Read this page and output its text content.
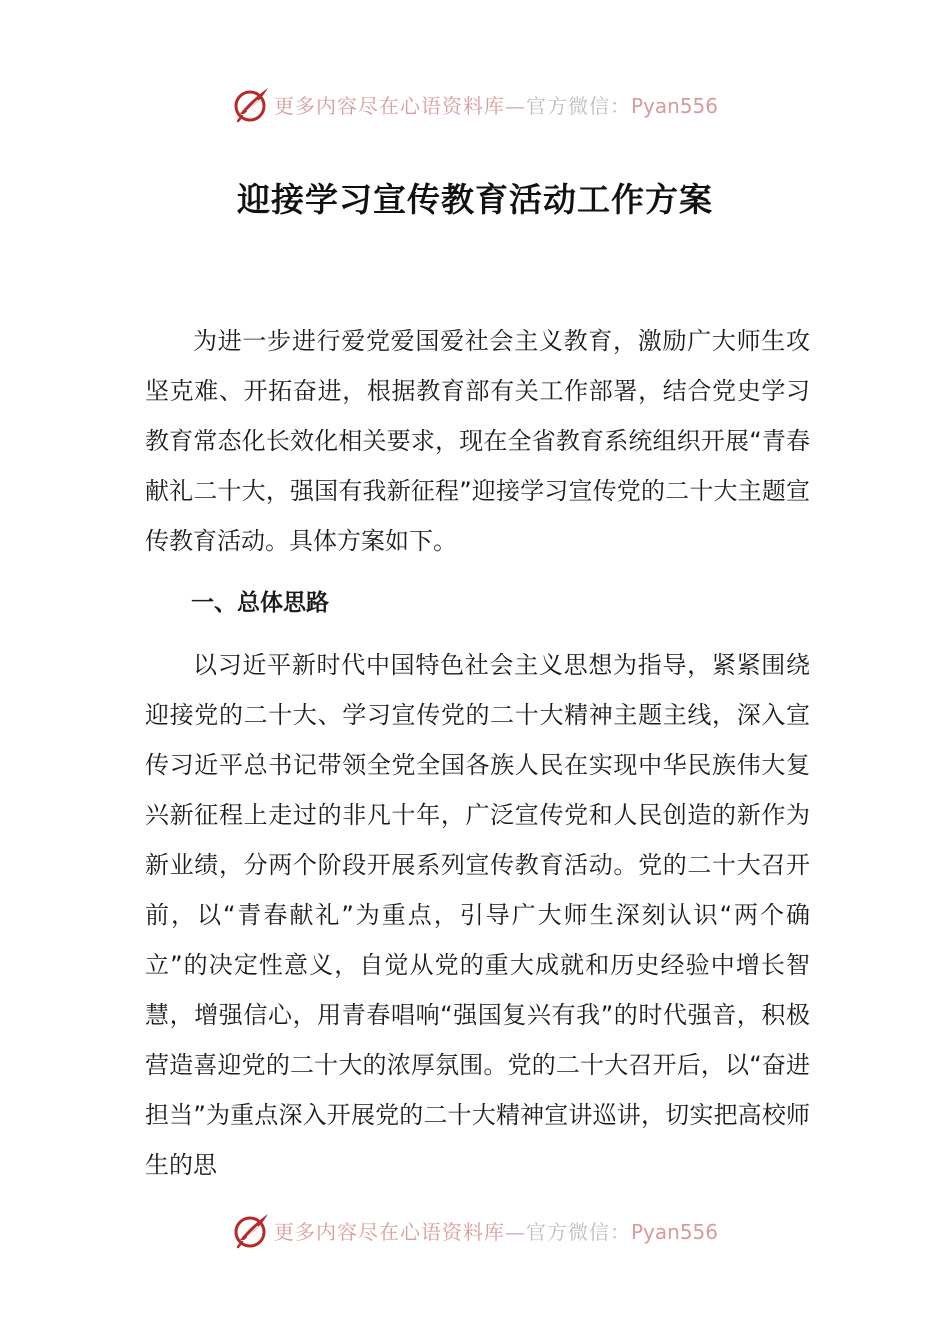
更多内容尽在心语资料库—官方微信：Pyan556
迎接学习宣传教育活动工作方案

为进一步进行爱党爱国爱社会主义教育，激励广大师生攻坚克难、开拓奋进，根据教育部有关工作部署，结合党史学习教育常态化长效化相关要求，现在全省教育系统组织开展“青春献礼二十大，强国有我新征程”迎接学习宣传党的二十大主题宣传教育活动。具体方案如下。

一、总体思路

以习近平新时代中国特色社会主义思想为指导，紧紧围绕迎接党的二十大、学习宣传党的二十大精神主题主线，深入宣传习近平总书记带领全党全国各族人民在实现中华民族伟大复兴新征程上走过的非凡十年，广泛宣传党和人民创造的新作为新业绩，分两个阶段开展系列宣传教育活动。党的二十大召开前，以“青春献礼”为重点，引导广大师生深刻认识“两个确立”的决定性意义，自觉从党的重大成就和历史经验中增长智慧，增强信心，用青春唱响“强国复兴有我”的时代强音，积极营造喜迎党的二十大的浓厚氛围。党的二十大召开后，以“奋进担当”为重点深入开展党的二十大精神宣讲巡讲，切实把高校师生的思

更多内容尽在心语资料库—官方微信：Pyan556
